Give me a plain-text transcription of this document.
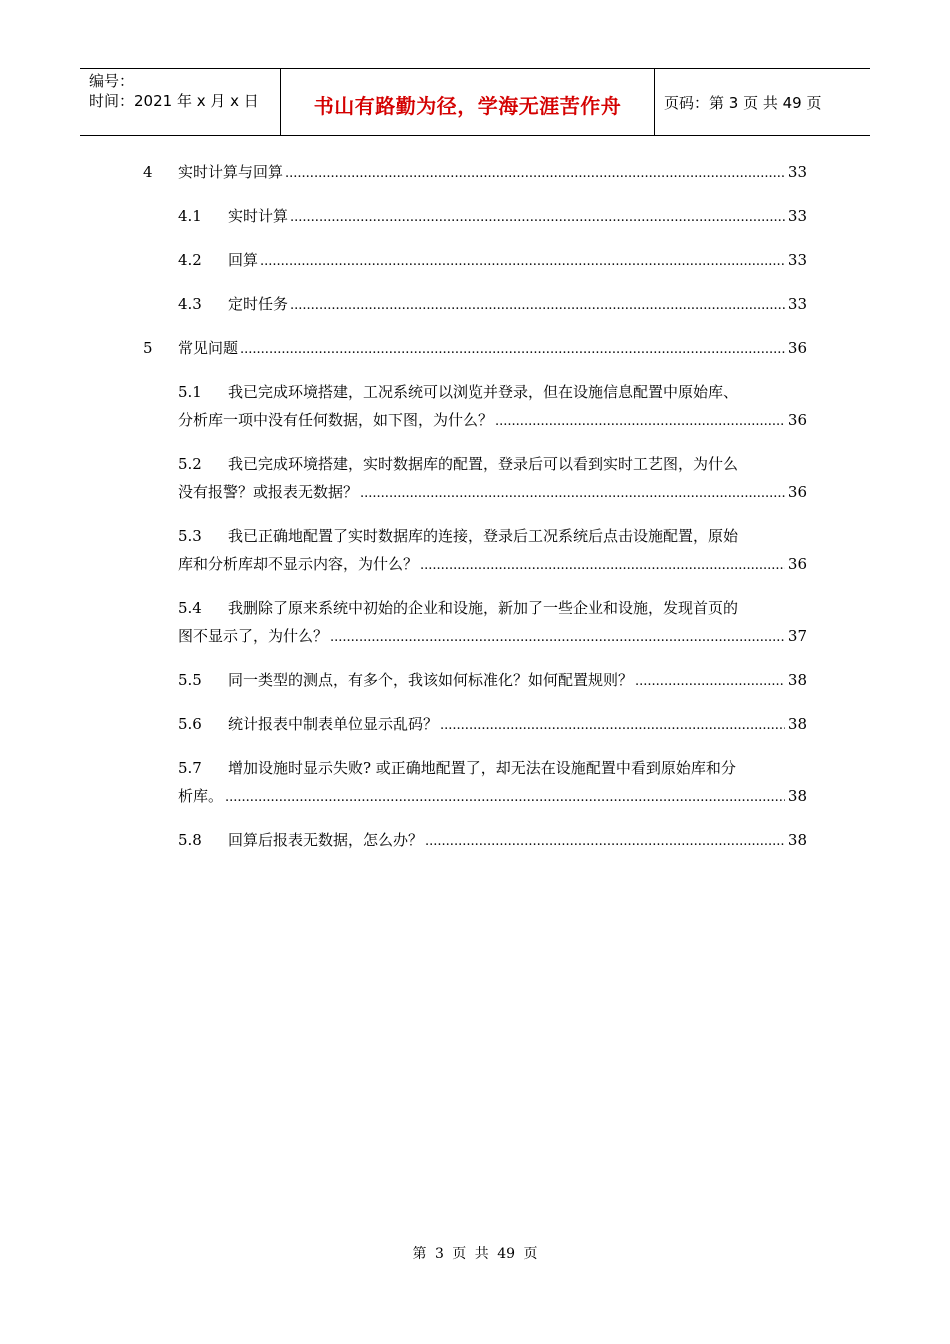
编号：
时间：2021 年 x 月 x 日	书山有路勤为径，学海无涯苦作舟	页码：第 3 页 共 49 页
4	实时计算与回算 .....	33
4.1	实时计算 .....	33
4.2	回算 .....	33
4.3	定时任务 .....	33
5	常见问题 .....	36
5.1	我已完成环境搭建，工况系统可以浏览并登录，但在设施信息配置中原始库、
分析库一项中没有任何数据，如下图，为什么？ .....	36
5.2	我已完成环境搭建，实时数据库的配置，登录后可以看到实时工艺图，为什么
没有报警？或报表无数据？ .....	36
5.3	我已正确地配置了实时数据库的连接，登录后工况系统后点击设施配置，原始
库和分析库却不显示内容，为什么？ .....	36
5.4	我删除了原来系统中初始的企业和设施，新加了一些企业和设施，发现首页的
图不显示了，为什么？ .....	37
5.5	同一类型的测点，有多个，我该如何标准化？如何配置规则？ .....	38
5.6	统计报表中制表单位显示乱码？ .....	38
5.7	增加设施时显示失败? 或正确地配置了，却无法在设施配置中看到原始库和分
析库。 .....	38
5.8	回算后报表无数据，怎么办？ .....	38
第 3 页 共 49 页
